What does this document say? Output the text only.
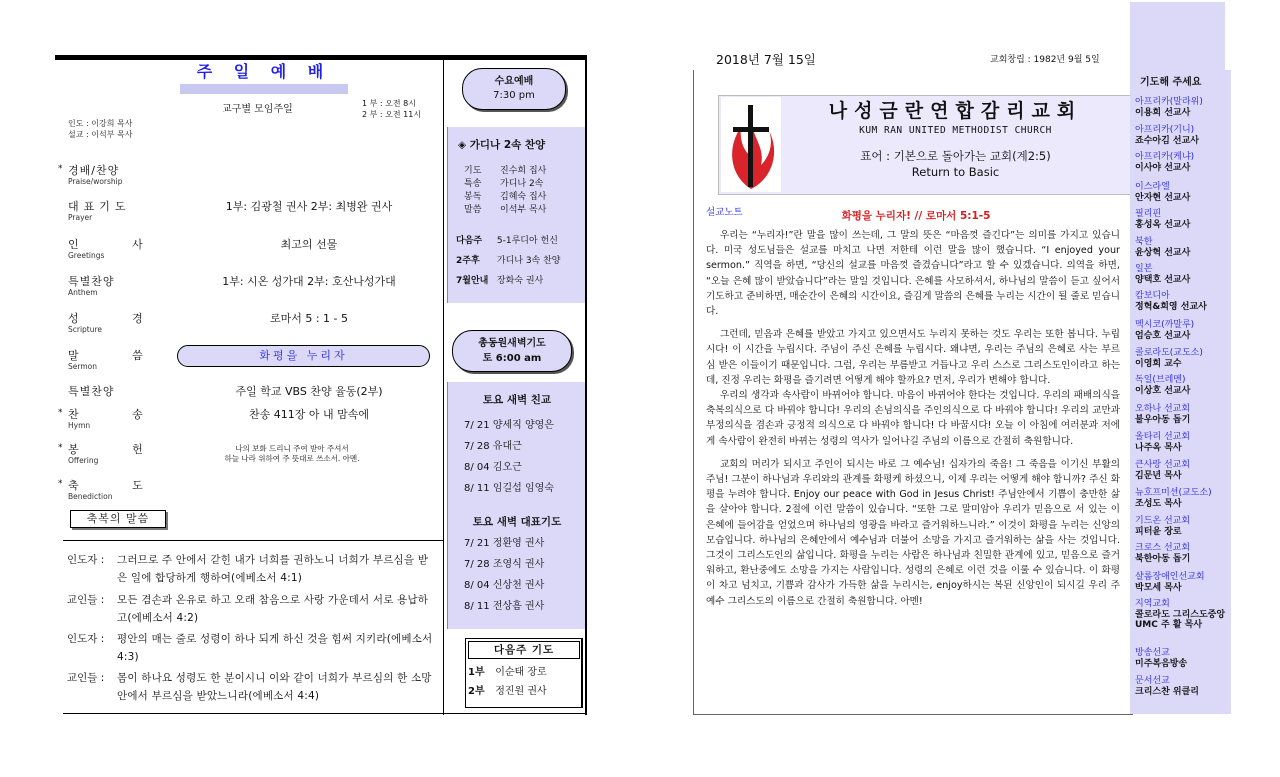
주 일 예 배
교구별 모임주일
1 부 : 오전 8시
2 부 : 오전 11시
인도 : 이강희 목사
설교 : 이석부 목사
* 경배/찬양
Praise/worship
대표기도
Prayer
1부: 김광철 권사 2부: 최병완 권사
인 사
Greetings
최고의 선물
특별찬양
Anthem
1부: 시온 성가대 2부: 호산나성가대
성 경
Scripture
로마서 5 : 1 - 5
말 씀
Sermon
화평을 누리자
특별찬양	주일 학교 VBS 찬양 율동(2부)
* 찬 송
Hymn
찬송 411장 아 내 맘속에
* 봉 헌
Offering
나의 보화 드리니 주여 받아 주셔서
하늘 나라 위하여 주 뜻대로 쓰소서. 아멘.
* 축 도
Benediction
축복의 말씀
인도자 :	그러므로 주 안에서 갇힌 내가 너희를 권하노니 너희가 부르심을 받은 일에 합당하게 행하여(에베소서 4:1)
교인들 :	모든 겸손과 온유로 하고 오래 참음으로 사랑 가운데서 서로 용납하고(에베소서 4:2)
인도자 :	평안의 매는 줄로 성령이 하나 되게 하신 것을 힘써 지키라(에베소서 4:3)
교인들 :	몸이 하나요 성령도 한 분이시니 이와 같이 너희가 부르심의 한 소망 안에서 부르심을 받았느니라(에베소서 4:4)
수요예배
7:30 pm
◈ 가디나 2속 찬양
기도 진수희 집사
특송 가디나 2속
봉독 김혜숙 집사
말씀 이석부 목사
다음주 5-1루디아 헌신
2주후 가디나 3속 찬양
7월안내 장화숙 권사
총동원새벽기도
토 6:00 am
토요 새벽 친교
7/ 21 양세직 양영은
7/ 28 유대근
8/ 04 김오근
8/ 11 임길섭 임영숙
토요 새벽 대표기도
7/ 21 정환영 권사
7/ 28 조영식 권사
8/ 04 신상천 권사
8/ 11 전상흠 권사
다음주 기도
1부 이순태 장로
2부 정진원 권사
2018년 7월 15일	교회창립 : 1982년 9월 5일
나성금란연합감리교회
KUM RAN UNITED METHODIST CHURCH
표어 : 기본으로 돌아가는 교회(계2:5)
Return to Basic
설교노트	화평을 누리자! // 로마서 5:1-5

우리는 “누리자!”란 말을 많이 쓰는데, 그 말의 뜻은 “마음껏 즐긴다”는 의미를 가지고 있습니다. 미국 성도님들은 설교를 마치고 나면 저한테 이런 말을 많이 했습니다. “I enjoyed your sermon.” 직역을 하면, “당신의 설교를 마음껏 즐겼습니다”라고 할 수 있겠습니다. 의역을 하면, “오늘 은혜 많이 받았습니다”라는 말일 것입니다. 은혜를 사모하셔서, 하나님의 말씀이 듣고 싶어서 기도하고 준비하면, 매순간이 은혜의 시간이요, 즐김게 말씀의 은혜를 누리는 시간이 될 줄로 믿습니다.

그런데, 믿음과 은혜를 받았고 가지고 있으면서도 누리지 못하는 것도 우리는 또한 봅니다. 누립시다! 이 시간을 누립시다. 주님이 주신 은혜를 누립시다. 왜냐면, 우리는 주님의 은혜로 사는 부르심 받은 이들이기 때문입니다. 그럼, 우리는 부름받고 거듭나고 우리 스스로 그리스도인이라고 하는데, 진정 우리는 화평을 즐기려면 어떻게 해야 할까요? 먼저, 우리가 변해야 합니다.

우리의 생각과 속사람이 바뀌어야 합니다. 마음이 바뀌어야 한다는 것입니다. 우리의 패배의식을 축복의식으로 다 바꿔야 합니다! 우리의 손님의식을 주인의식으로 다 바꿔야 합니다! 우리의 교만과 부정의식을 겸손과 긍정적 의식으로 다 바꿔야 합니다! 다 바꿉시다! 오늘 이 아침에 여러분과 저에게 속사람이 완전히 바뀌는 성령의 역사가 일어나길 주님의 이름으로 간절히 축원합니다.

교회의 머리가 되시고 주인이 되시는 바로 그 예수님! 십자가의 죽음! 그 죽음을 이기신 부활의 주님! 그분이 하나님과 우리와의 관계를 화평케 하셨으니, 이제 우리는 어떻게 해야 합니까? 주신 화평을 누려야 합니다. Enjoy our peace with God in Jesus Christ! 주님안에서 기쁨이 충만한 삶을 살아야 합니다. 2절에 이런 말씀이 있습니다. “또한 그로 말미암아 우리가 믿음으로 서 있는 이 은혜에 들어감을 얻었으며 하나님의 영광을 바라고 즐거워하느니라.” 이것이 화평을 누리는 신앙의 모습입니다. 하나님의 은혜안에서 예수님과 더불어 소망을 가지고 즐거워하는 삶을 사는 것입니다. 그것이 그리스도인의 삶입니다. 화평을 누리는 사람은 하나님과 친밀한 관계에 있고, 믿음으로 즐거워하고, 환난중에도 소망을 가지는 사람입니다. 성령의 은혜로 이런 것을 이룰 수 있습니다. 이 화평이 차고 넘치고, 기쁨과 감사가 가득한 삶을 누리시는, enjoy하시는 복된 신앙인이 되시길 우리 주 예수 그리스도의 이름으로 간절히 축원합니다. 아멘!

기도해 주세요
아프리카(말라위)
이용희 선교사
아프리카(기니)
죠수아김 선교사
아프리카(케냐)
이사야 선교사
이스라엘
안자현 선교사
필리핀
홍성옥 선교사
북한
윤상혁 선교사
일본
양택호 선교사
캄보디아
정혁&희영 선교사
멕시코(까말루)
엄승호 선교사
콜로라도(교도소)
이영희 교수
독일(브레멘)
이상호 선교사
오하나 선교회
불우아동 돕기
올타리 선교회
나주옥 목사
큰사랑 선교회
김문년 목사
뉴호프미션(교도소)
조성도 목사
기드온 선교회
피터윤 장로
크로스 선교회
북한아동 돕기
샬롬장애인선교회
박모세 목사
지역교회
콜로라도 그리스도중앙 UMC 주 활 목사
방송선교
미주복음방송
문서선교
크리스찬 위클리
